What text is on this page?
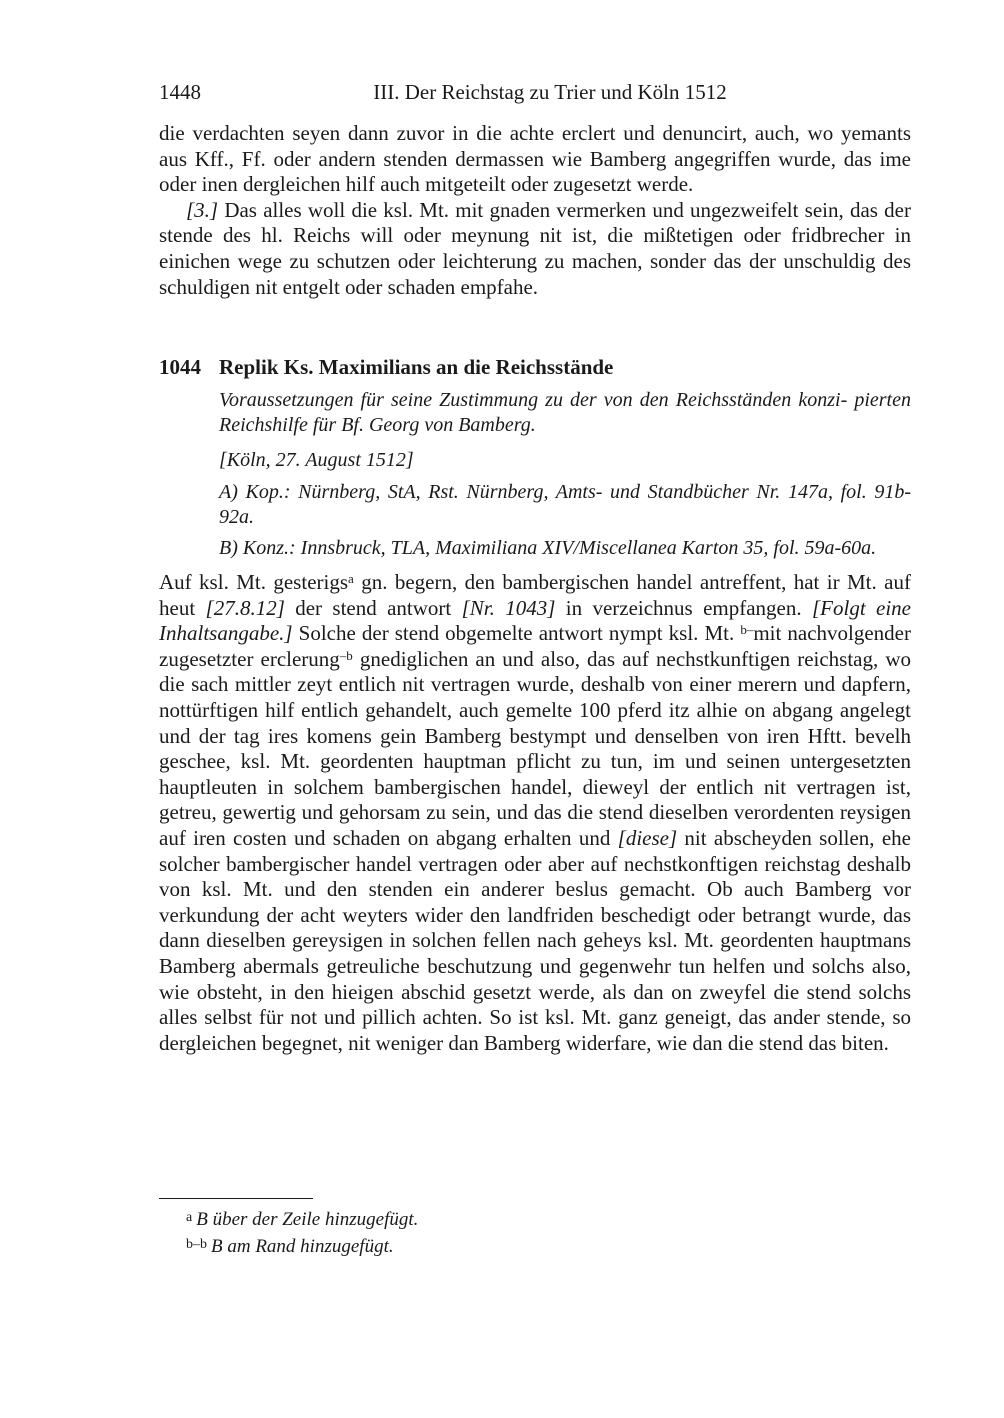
1448	III. Der Reichstag zu Trier und Köln 1512

die verdachten seyen dann zuvor in die achte erclert und denuncirt, auch, wo yemants aus Kff., Ff. oder andern stenden dermassen wie Bamberg angegriffen wurde, das ime oder inen dergleichen hilf auch mitgeteilt oder zugesetzt werde.

[3.] Das alles woll die ksl. Mt. mit gnaden vermerken und ungezweifelt sein, das der stende des hl. Reichs will oder meynung nit ist, die mißtetigen oder fridbrecher in einichen wege zu schutzen oder leichterung zu machen, sonder das der unschuldig des schuldigen nit entgelt oder schaden empfahe.

1044 Replik Ks. Maximilians an die Reichsstände

Voraussetzungen für seine Zustimmung zu der von den Reichsständen konzi- pierten Reichshilfe für Bf. Georg von Bamberg.

[Köln, 27. August 1512]

A) Kop.: Nürnberg, StA, Rst. Nürnberg, Amts- und Standbücher Nr. 147a, fol. 91b-92a.

B) Konz.: Innsbruck, TLA, Maximiliana XIV/Miscellanea Karton 35, fol. 59a-60a.

Auf ksl. Mt. gesterigs$^a$ gn. begern, den bambergischen handel antreffent, hat ir Mt. auf heut [27.8.12] der stend antwort [Nr. 1043] in verzeichnus empfangen. [Folgt eine Inhaltsangabe.] Solche der stend obgemelte antwort nympt ksl. Mt. $^{b-}$mit nachvolgender zugesetzter erclerung$^{-b}$ gnediglichen an und also, das auf nechstkunftigen reichstag, wo die sach mittler zeyt entlich nit vertragen wurde, deshalb von einer merern und dapfern, nottürftigen hilf entlich gehandelt, auch gemelte 100 pferd itz alhie on abgang angelegt und der tag ires komens gein Bamberg bestympt und denselben von iren Hftt. bevelh geschee, ksl. Mt. geordenten hauptman pflicht zu tun, im und seinen untergesetzten hauptleuten in solchem bambergischen handel, dieweyl der entlich nit vertragen ist, getreu, gewertig und gehorsam zu sein, und das die stend dieselben verordenten reysigen auf iren costen und schaden on abgang erhalten und [diese] nit abscheyden sollen, ehe solcher bambergischer handel vertragen oder aber auf nechstkonftigen reichstag deshalb von ksl. Mt. und den stenden ein anderer beslus gemacht. Ob auch Bamberg vor verkundung der acht weyters wider den landfriden beschedigt oder betrangt wurde, das dann dieselben gereysigen in solchen fellen nach geheys ksl. Mt. geordenten hauptmans Bamberg abermals getreuliche beschutzung und gegenwehr tun helfen und solchs also, wie obsteht, in den hieigen abschid gesetzt werde, als dan on zweyfel die stend solchs alles selbst für not und pillich achten. So ist ksl. Mt. ganz geneigt, das ander stende, so dergleichen begegnet, nit weniger dan Bamberg widerfare, wie dan die stend das biten.

$^a$ B über der Zeile hinzugefügt.
$^{b-b}$ B am Rand hinzugefügt.
